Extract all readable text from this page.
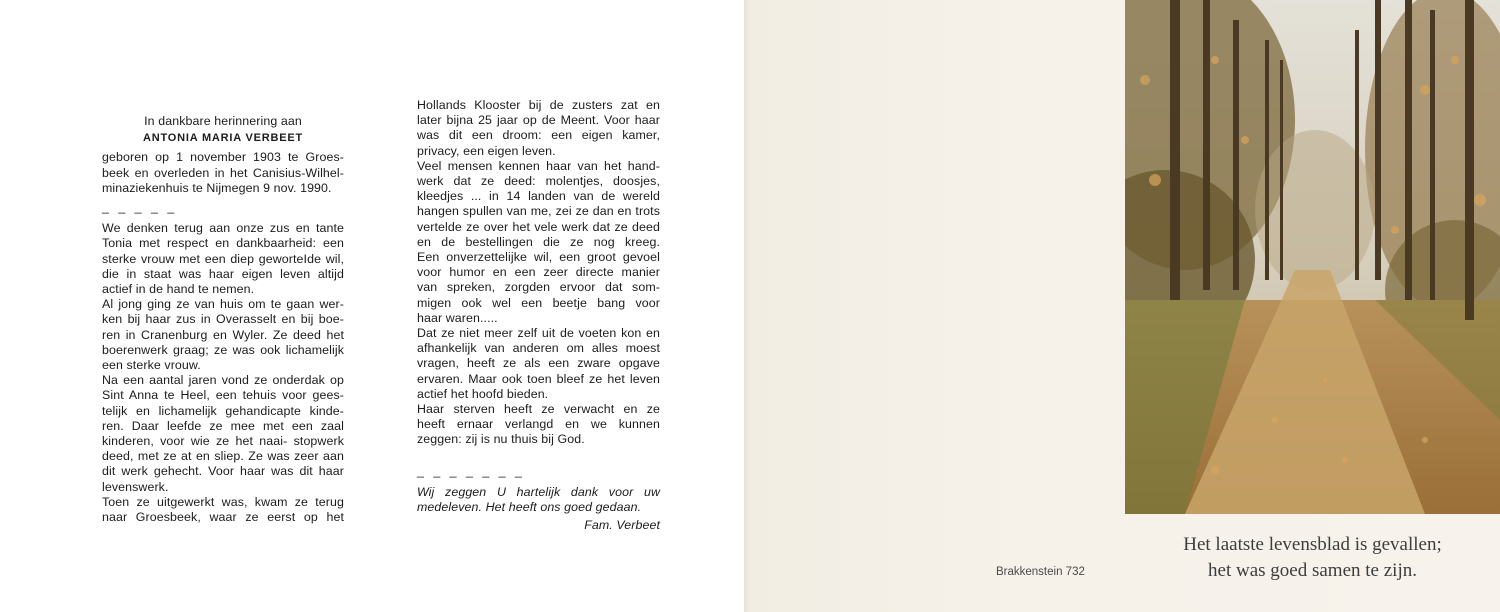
In dankbare herinnering aan

ANTONIA MARIA VERBEET

geboren op 1 november 1903 te Groes-

beek en overleden in het Canisius-Wilhel-

minaziekenhuis te Nijmegen 9 nov. 1990.

_ _ _ _ _

We denken terug aan onze zus en tante

Tonia met respect en dankbaarheid: een

sterke vrouw met een diep geworteIde wil,

die in staat was haar eigen leven altijd

actief in de hand te nemen.

Al jong ging ze van huis om te gaan wer-

ken bij haar zus in Overasselt en bij boe-

ren in Cranenburg en Wyler. Ze deed het

boerenwerk graag; ze was ook lichamelijk

een sterke vrouw.

Na een aantal jaren vond ze onderdak op

Sint Anna te Heel, een tehuis voor gees-

telijk en lichamelijk gehandicapte kinde-

ren. Daar leefde ze mee met een zaal

kinderen, voor wie ze het naai- stopwerk

deed, met ze at en sliep. Ze was zeer aan

dit werk gehecht. Voor haar was dit haar

levenswerk.

Toen ze uitgewerkt was, kwam ze terug

naar Groesbeek, waar ze eerst op het

Hollands Klooster bij de zusters zat en

later bijna 25 jaar op de Meent. Voor haar

was dit een droom: een eigen kamer,

privacy, een eigen leven.

Veel mensen kennen haar van het hand-

werk dat ze deed: molentjes, doosjes,

kleedjes ... in 14 landen van de wereld

hangen spullen van me, zei ze dan en trots

vertelde ze over het vele werk dat ze deed

en de bestellingen die ze nog kreeg.

Een onverzettelijke wil, een groot gevoel

voor humor en een zeer directe manier

van spreken, zorgden ervoor dat som-

migen ook wel een beetje bang voor

haar waren.....

Dat ze niet meer zelf uit de voeten kon en

afhankelijk van anderen om alles moest

vragen, heeft ze als een zware opgave

ervaren. Maar ook toen bleef ze het leven

actief het hoofd bieden.

Haar sterven heeft ze verwacht en ze

heeft ernaar verlangd en we kunnen

zeggen: zij is nu thuis bij God.

_ _ _ _ _ _ _

Wij zeggen U hartelijk dank voor uw

medeleven. Het heeft ons goed gedaan.

Fam. Verbeet

Het laatste levensblad is gevallen;

het was goed samen te zijn.

Brakkenstein 732
